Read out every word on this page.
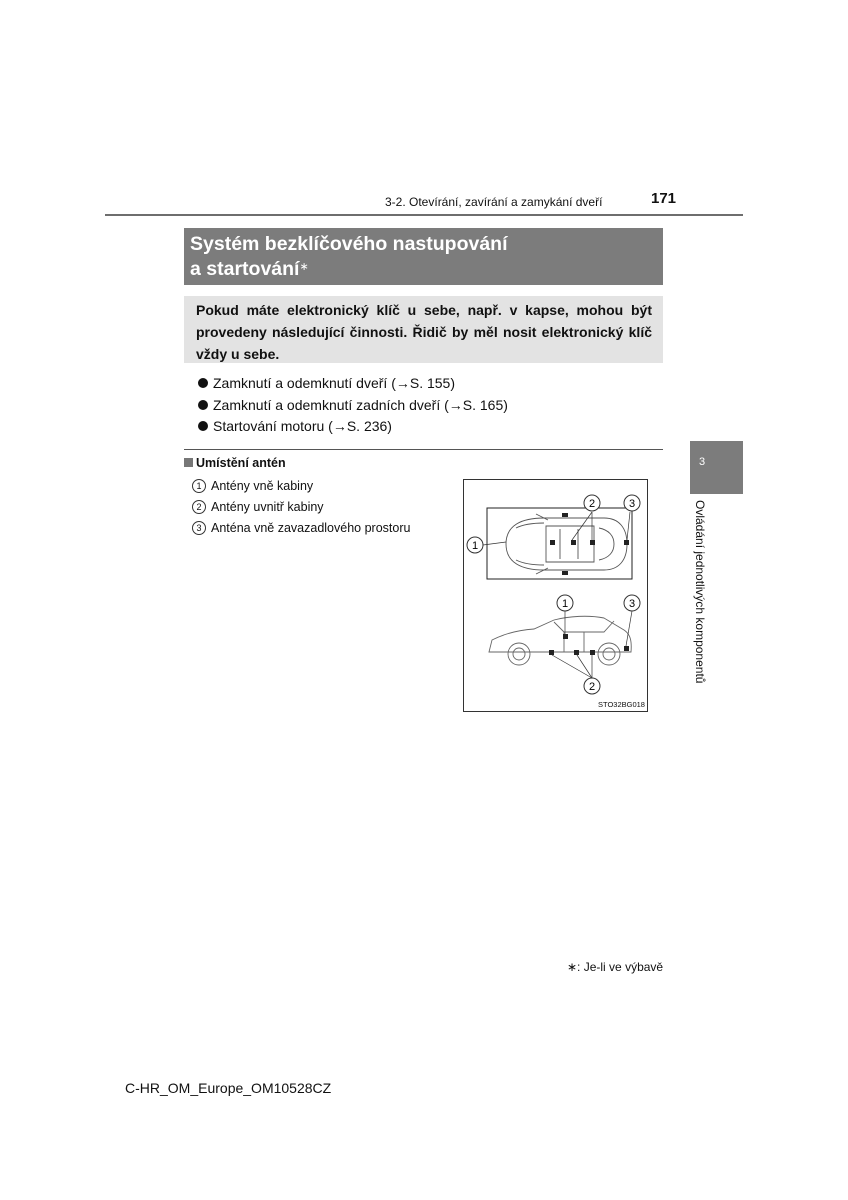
3-2. Otevírání, zavírání a zamykání dveří	171
Systém bezklíčového nastupování
a startování∗
Pokud máte elektronický klíč u sebe, např. v kapse, mohou být provedeny následující činnosti. Řidič by měl nosit elektronický klíč vždy u sebe.
Zamknutí a odemknutí dveří (→S. 155)
Zamknutí a odemknutí zadních dveří (→S. 165)
Startování motoru (→S. 236)
Umístění antén
1 Antény vně kabiny
2 Antény uvnitř kabiny
3 Anténa vně zavazadlového prostoru
1
2	3
1	3
2
STO32BG018
3
Ovládání jednotlivých komponentů
∗: Je-li ve výbavě
C-HR_OM_Europe_OM10528CZ
